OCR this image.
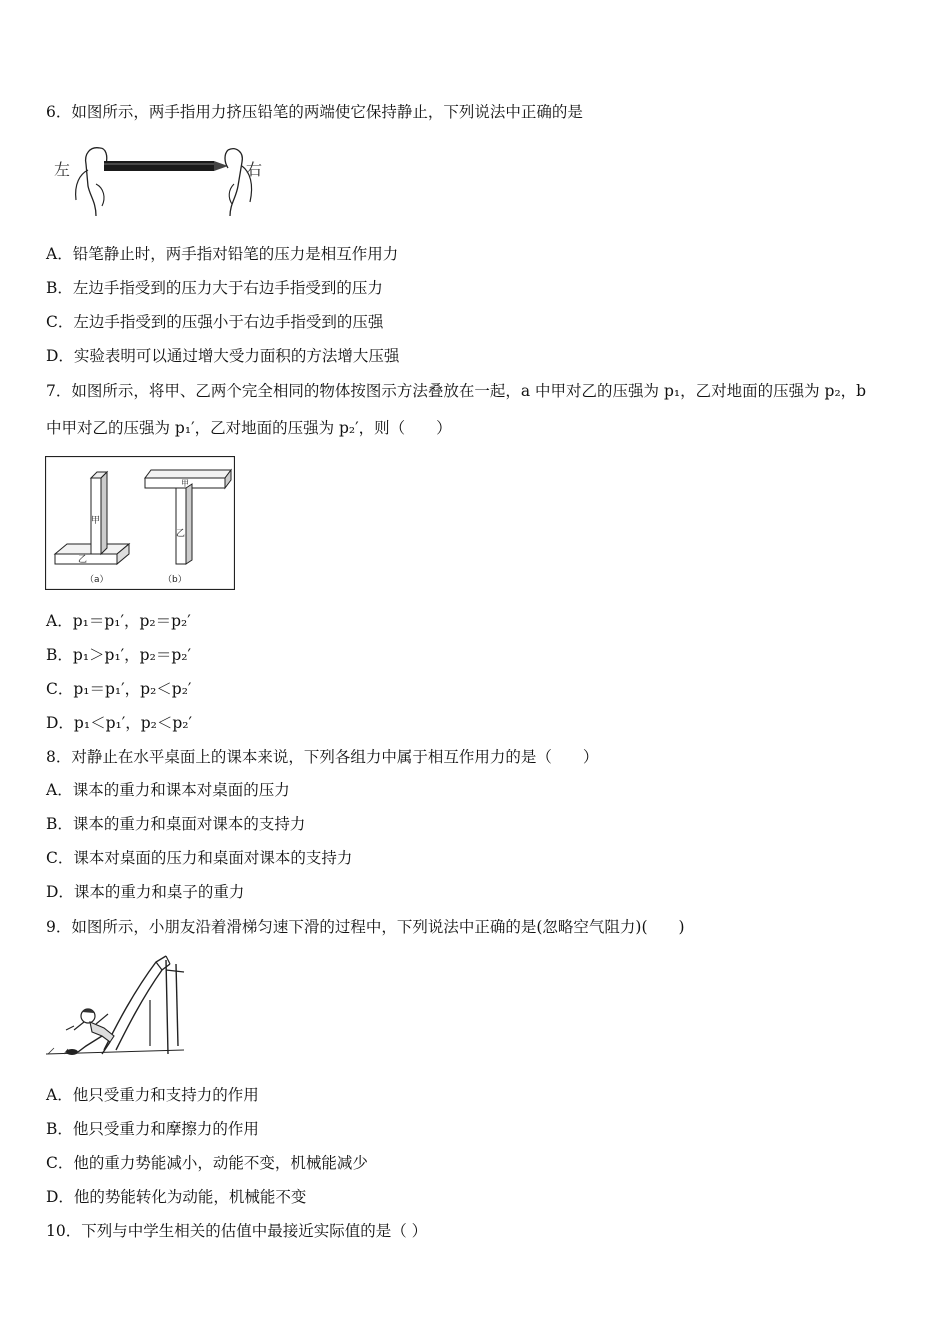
6．如图所示，两手指用力挤压铅笔的两端使它保持静止，下列说法中正确的是
左	右
A．铅笔静止时，两手指对铅笔的压力是相互作用力
B．左边手指受到的压力大于右边手指受到的压力
C．左边手指受到的压强小于右边手指受到的压强
D．实验表明可以通过增大受力面积的方法增大压强
7．如图所示，将甲、乙两个完全相同的物体按图示方法叠放在一起，a 中甲对乙的压强为 p₁，乙对地面的压强为 p₂，b
中甲对乙的压强为 p₁′，乙对地面的压强为 p₂′，则（　　）
甲
乙
甲
乙
（a）	（b）
A．p₁＝p₁′，p₂＝p₂′
B．p₁＞p₁′，p₂＝p₂′
C．p₁＝p₁′，p₂＜p₂′
D．p₁＜p₁′，p₂＜p₂′
8．对静止在水平桌面上的课本来说，下列各组力中属于相互作用力的是（　　）
A．课本的重力和课本对桌面的压力
B．课本的重力和桌面对课本的支持力
C．课本对桌面的压力和桌面对课本的支持力
D．课本的重力和桌子的重力
9．如图所示，小朋友沿着滑梯匀速下滑的过程中，下列说法中正确的是(忽略空气阻力)(　　)
A．他只受重力和支持力的作用
B．他只受重力和摩擦力的作用
C．他的重力势能减小，动能不变，机械能减少
D．他的势能转化为动能，机械能不变
10．下列与中学生相关的估值中最接近实际值的是（ ）
